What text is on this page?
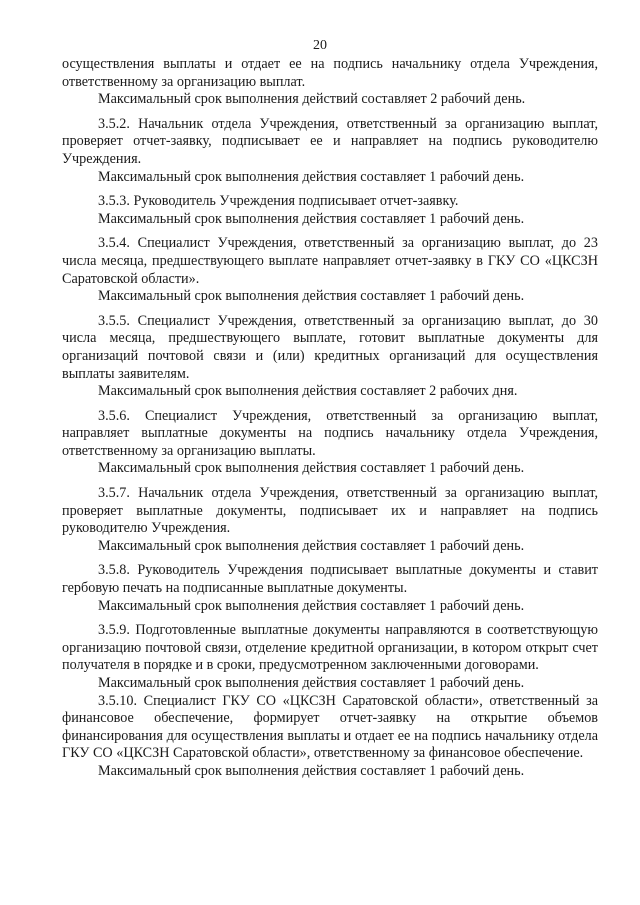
20

осуществления выплаты и отдает ее на подпись начальнику отдела Учреждения, ответственному за организацию выплат.

Максимальный срок выполнения действий составляет 2 рабочий день.

3.5.2. Начальник отдела Учреждения, ответственный за организацию выплат, проверяет отчет-заявку, подписывает ее и направляет на подпись руководителю Учреждения.

Максимальный срок выполнения действия составляет 1 рабочий день.

3.5.3. Руководитель Учреждения подписывает отчет-заявку.

Максимальный срок выполнения действия составляет 1 рабочий день.

3.5.4. Специалист Учреждения, ответственный за организацию выплат, до 23 числа месяца, предшествующего выплате направляет отчет-заявку в ГКУ СО «ЦКСЗН Саратовской области».

Максимальный срок выполнения действия составляет 1 рабочий день.

3.5.5. Специалист Учреждения, ответственный за организацию выплат, до 30 числа месяца, предшествующего выплате, готовит выплатные документы для организаций почтовой связи и (или) кредитных организаций для осуществления выплаты заявителям.

Максимальный срок выполнения действия составляет 2 рабочих дня.

3.5.6. Специалист Учреждения, ответственный за организацию выплат, направляет выплатные документы на подпись начальнику отдела Учреждения, ответственному за организацию выплаты.

Максимальный срок выполнения действия составляет 1 рабочий день.

3.5.7. Начальник отдела Учреждения, ответственный за организацию выплат, проверяет выплатные документы, подписывает их и направляет на подпись руководителю Учреждения.

Максимальный срок выполнения действия составляет 1 рабочий день.

3.5.8. Руководитель Учреждения подписывает выплатные документы и ставит гербовую печать на подписанные выплатные документы.

Максимальный срок выполнения действия составляет 1 рабочий день.

3.5.9. Подготовленные выплатные документы направляются в соответствующую организацию почтовой связи, отделение кредитной организации, в котором открыт счет получателя в порядке и в сроки, предусмотренном заключенными договорами.

Максимальный срок выполнения действия составляет 1 рабочий день.

3.5.10. Специалист ГКУ СО «ЦКСЗН Саратовской области», ответственный за финансовое обеспечение, формирует отчет-заявку на открытие объемов финансирования для осуществления выплаты и отдает ее на подпись начальнику отдела ГКУ СО «ЦКСЗН Саратовской области», ответственному за финансовое обеспечение.

Максимальный срок выполнения действия составляет 1 рабочий день.
